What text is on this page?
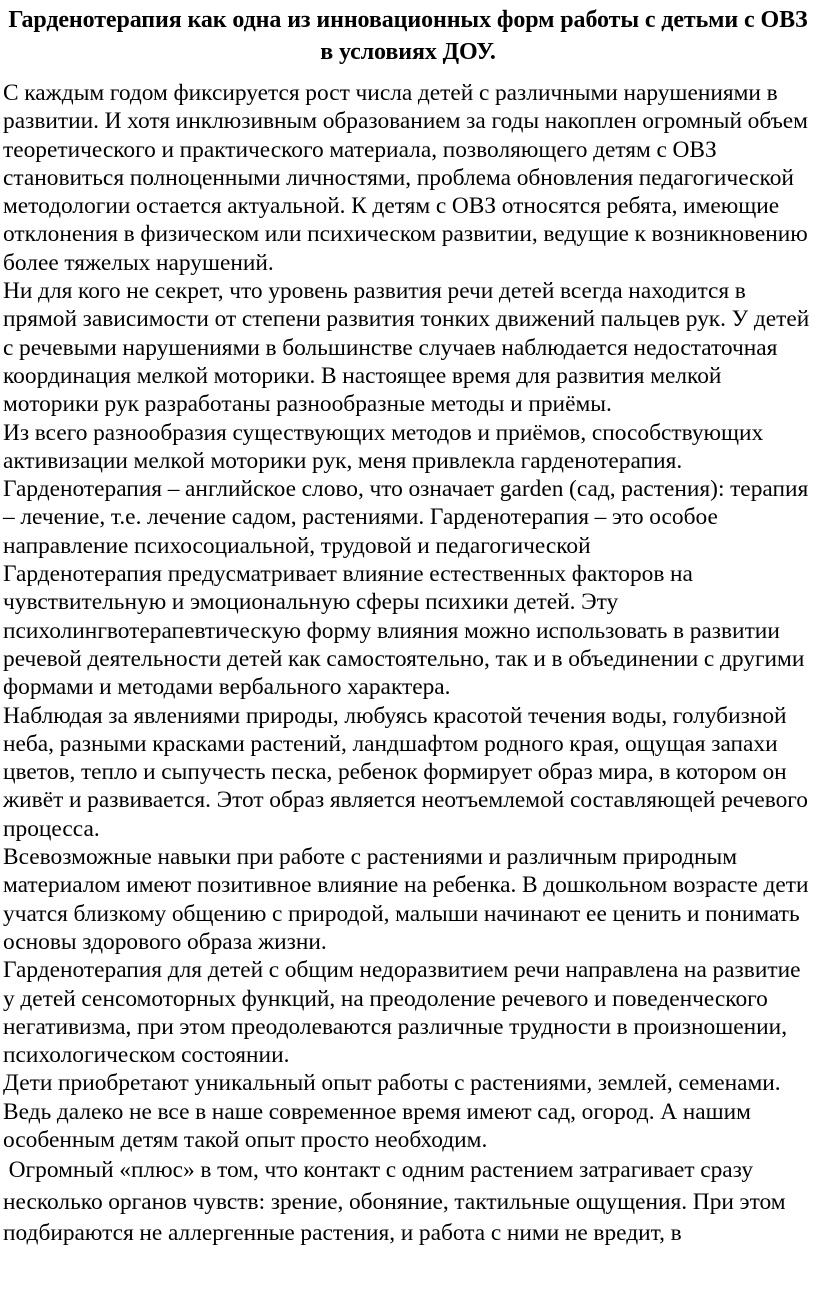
Гарденотерапия как одна из инновационных форм работы с детьми с ОВЗ в условиях ДОУ.

С каждым годом фиксируется рост числа детей с различными нарушениями в развитии. И хотя инклюзивным образованием за годы накоплен огромный объем теоретического и практического материала, позволяющего детям с ОВЗ становиться полноценными личностями, проблема обновления педагогической методологии остается актуальной. К детям с ОВЗ относятся ребята, имеющие отклонения в физическом или психическом развитии, ведущие к возникновению более тяжелых нарушений.

Ни для кого не секрет, что уровень развития речи детей всегда находится в прямой зависимости от степени развития тонких движений пальцев рук. У детей с речевыми нарушениями в большинстве случаев наблюдается недостаточная координация мелкой моторики. В настоящее время для развития мелкой моторики рук разработаны разнообразные методы и приёмы.

Из всего разнообразия существующих методов и приёмов, способствующих активизации мелкой моторики рук, меня привлекла гарденотерапия.

Гарденотерапия – английское слово, что означает garden (сад, растения): терапия – лечение, т.е. лечение садом, растениями. Гарденотерапия – это особое направление психосоциальной, трудовой и педагогической

Гарденотерапия предусматривает влияние естественных факторов на чувствительную и эмоциональную сферы психики детей. Эту психолингвотерапевтическую форму влияния можно использовать в развитии речевой деятельности детей как самостоятельно, так и в объединении с другими формами и методами вербального характера.

Наблюдая за явлениями природы, любуясь красотой течения воды, голубизной неба, разными красками растений, ландшафтом родного края, ощущая запахи цветов, тепло и сыпучесть песка, ребенок формирует образ мира, в котором он живёт и развивается. Этот образ является неотъемлемой составляющей речевого процесса.

Всевозможные навыки при работе с растениями и различным природным материалом имеют позитивное влияние на ребенка. В дошкольном возрасте дети учатся близкому общению с природой, малыши начинают ее ценить и понимать основы здорового образа жизни.

Гарденотерапия для детей с общим недоразвитием речи направлена на развитие у детей сенсомоторных функций, на преодоление речевого и поведенческого негативизма, при этом преодолеваются различные трудности в произношении, психологическом состоянии.

Дети приобретают уникальный опыт работы с растениями, землей, семенами. Ведь далеко не все в наше современное время имеют сад, огород. А нашим особенным детям такой опыт просто необходим.

Огромный «плюс» в том, что контакт с одним растением затрагивает сразу несколько органов чувств: зрение, обоняние, тактильные ощущения. При этом подбираются не аллергенные растения, и работа с ними не вредит, в
